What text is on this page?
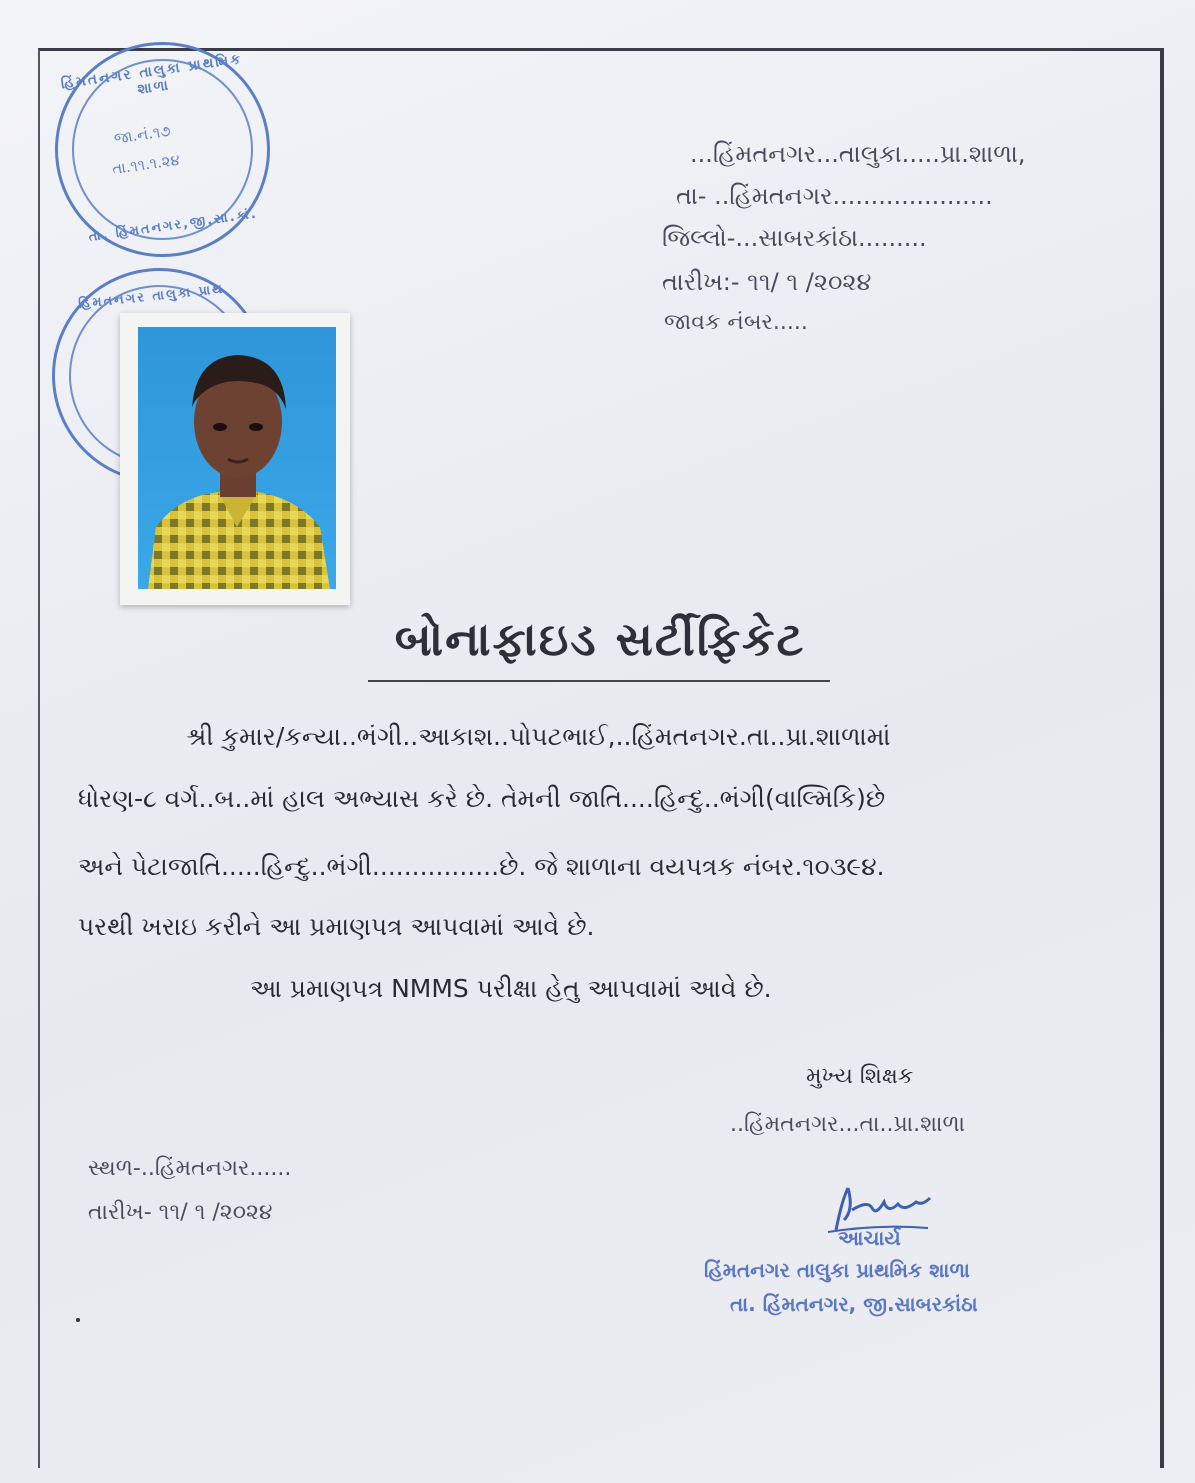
હિંમતનગર તાલુકા પ્રાથમિક શાળા
જા.નં.૧૭
તા.૧૧.૧.૨૪
તા. હિંમતનગર,જી.સા.કાં.
હિંમતનગર તાલુકા પ્રાથ
...હિંમતનગર...તાલુકા.....પ્રા.શાળા,
તા- ..હિંમતનગર.....................
જિલ્લો-...સાબરકાંઠા.........
તારીખ:- ૧૧/ ૧ /૨૦૨૪
જાવક નંબર.....
બોનાફાઇડ સર્ટીફિકેટ
શ્રી કુમાર/કન્યા..ભંગી..આકાશ..પોપટભાઈ,..હિંમતનગર.તા..પ્રા.શાળામાં
ધોરણ-૮ વર્ગ..બ..માં હાલ અભ્યાસ કરે છે. તેમની જાતિ....હિન્દુ..ભંગી(વાલ્મિકિ)છે
અને પેટાજાતિ.....હિન્દુ..ભંગી................છે. જે શાળાના વયપત્રક નંબર.૧૦૩૯૪.
પરથી ખરાઇ કરીને આ પ્રમાણપત્ર આપવામાં આવે છે.
આ પ્રમાણપત્ર NMMS પરીક્ષા હેતુ આપવામાં આવે છે.
મુખ્ય શિક્ષક
..હિંમતનગર...તા..પ્રા.શાળા
સ્થળ-..હિંમતનગર......
તારીખ- ૧૧/ ૧ /૨૦૨૪
આચાર્ય
હિંમતનગર તાલુકા પ્રાથમિક શાળા
તા. હિંમતનગર, જી.સાબરકાંઠા
